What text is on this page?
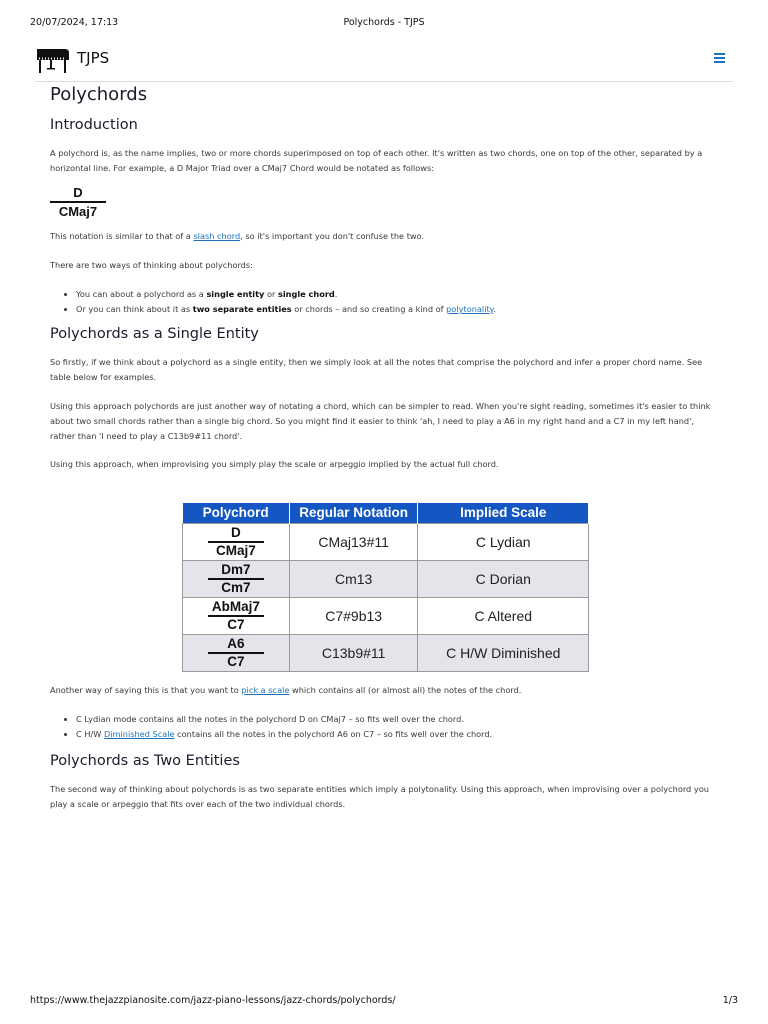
20/07/2024, 17:13	Polychords - TJPS
TJPS
Polychords
Introduction

A polychord is, as the name implies, two or more chords superimposed on top of each other. It's written as two chords, one on top of the other, separated by a horizontal line. For example, a D Major Triad over a CMaj7 Chord would be notated as follows:

D
CMaj7

This notation is similar to that of a slash chord, so it's important you don't confuse the two.

There are two ways of thinking about polychords:

• You can about a polychord as a single entity or single chord.
• Or you can think about it as two separate entities or chords – and so creating a kind of polytonality.
Polychords as a Single Entity

So firstly, if we think about a polychord as a single entity, then we simply look at all the notes that comprise the polychord and infer a proper chord name. See table below for examples.

Using this approach polychords are just another way of notating a chord, which can be simpler to read. When you're sight reading, sometimes it's easier to think about two small chords rather than a single big chord. So you might find it easier to think 'ah, I need to play a A6 in my right hand and a C7 in my left hand', rather than 'I need to play a C13b9#11 chord'.

Using this approach, when improvising you simply play the scale or arpeggio implied by the actual full chord.

Polychord	Regular Notation	Implied Scale

D
CMaj7	CMaj13#11	C Lydian

$\frac{Dm7}{Cm7}$	Cm13	C Dorian

AbMaj7
C7	C7#9b13	C Altered

$\frac{A6}{C7}$	C13b9#11	C H/W Diminished

Another way of saying this is that you want to pick a scale which contains all (or almost all) the notes of the chord.

• C Lydian mode contains all the notes in the polychord D on CMaj7 – so fits well over the chord.
• C H/W Diminished Scale contains all the notes in the polychord A6 on C7 – so fits well over the chord.
Polychords as Two Entities

The second way of thinking about polychords is as two separate entities which imply a polytonality. Using this approach, when improvising over a polychord you play a scale or arpeggio that fits over each of the two individual chords.

https://www.thejazzpianosite.com/jazz-piano-lessons/jazz-chords/polychords/	1/3
